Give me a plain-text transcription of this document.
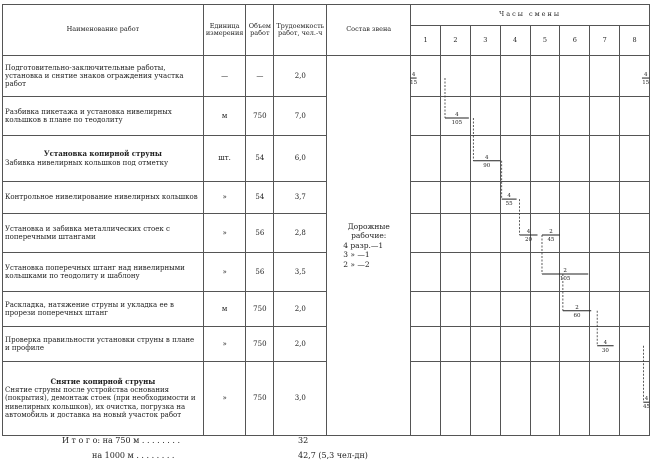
Наименование работ	Единица измерения	Объем работ	Трудоемкость работ, чел.-ч	Состав звена	Часы смены							
					1	2	3	4	5	6	7	8
Подготовительно-заключительные работы, установка и снятие знаков ограждения участка работ	—	—	2,0	Дорожные рабочие:
4 разр.—1
3 » —1
2 » —2								

Разбивка пикетажа и установка нивелирных кольшков в плане по теодолиту	м	750	7,0									

Установка копирной струны
Забивка нивелирных кольшков под отметку	шт.	54	6,0									
Контрольное нивелирование нивелирных кольшков	»	54	3,7									
Установка и забивка металлических стоек с поперечными штангами	»	56	2,8									
Установка поперечных штанг над нивелирными кольшками по теодолиту и шаблону	»	56	3,5									
Раскладка, натяжение струны и укладка ее в прорези поперечных штанг	м	750	2,0									
Проверка правильности установки струны в плане и профиле	»	750	2,0									

Снятие копирной струны
Снятие струны после устройства основания (покрытия), демонтаж стоек (при необходимости и нивелирных кольшков), их очистка, погрузка на автомобиль и доставка на новый участок работ	»	750	3,0									
4
15
4
15
4
105
4
90
4
55
4
20
2
45
2
105
2
60
4
30
4
45
И т о г о: на 750 м . . . . . . . .	32
на 1000 м . . . . . . . .	42,7 (5,3 чел-дн)
